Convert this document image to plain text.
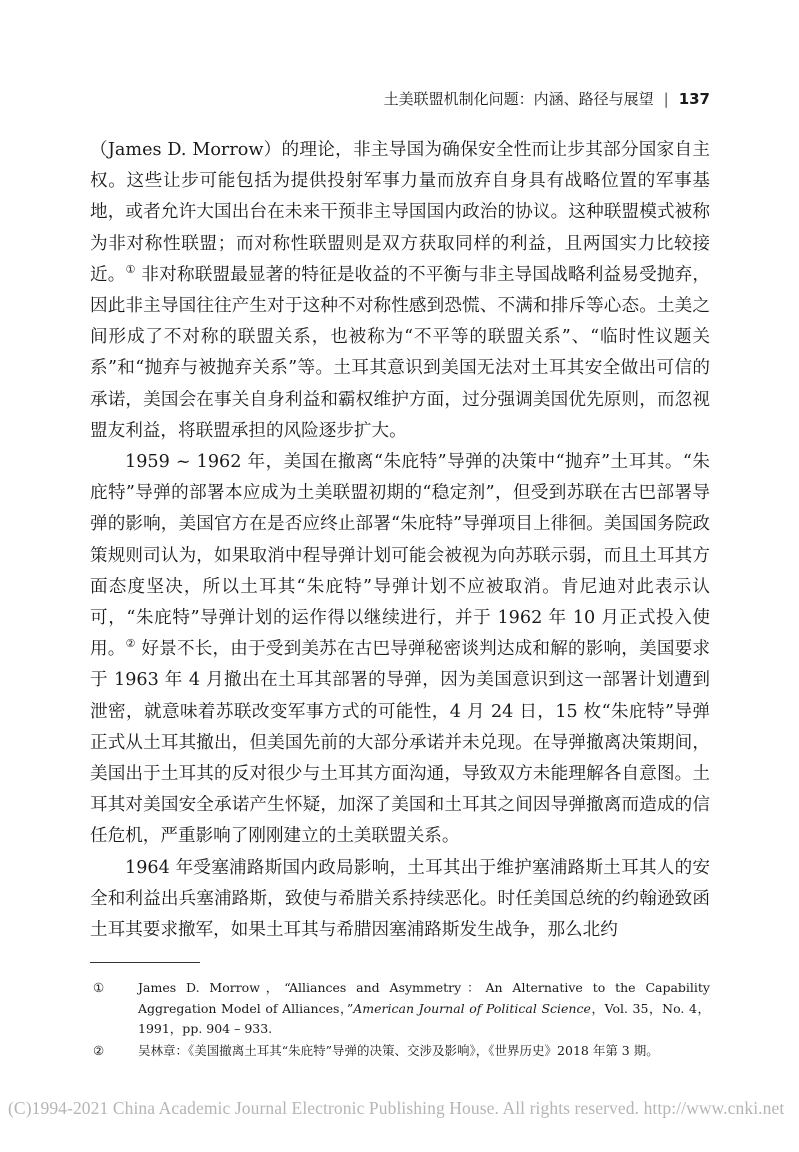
土美联盟机制化问题：内涵、路径与展望 | 137

（James D. Morrow）的理论，非主导国为确保安全性而让步其部分国家自主权。这些让步可能包括为提供投射军事力量而放弃自身具有战略位置的军事基地，或者允许大国出台在未来干预非主导国国内政治的协议。这种联盟模式被称为非对称性联盟；而对称性联盟则是双方获取同样的利益，且两国实力比较接近。① 非对称联盟最显著的特征是收益的不平衡与非主导国战略利益易受抛弃，因此非主导国往往产生对于这种不对称性感到恐慌、不满和排斥等心态。土美之间形成了不对称的联盟关系，也被称为“不平等的联盟关系”、“临时性议题关系”和“抛弃与被抛弃关系”等。土耳其意识到美国无法对土耳其安全做出可信的承诺，美国会在事关自身利益和霸权维护方面，过分强调美国优先原则，而忽视盟友利益，将联盟承担的风险逐步扩大。

1959 ~ 1962 年，美国在撤离“朱庇特”导弹的决策中“抛弃”土耳其。“朱庇特”导弹的部署本应成为土美联盟初期的“稳定剂”，但受到苏联在古巴部署导弹的影响，美国官方在是否应终止部署“朱庇特”导弹项目上徘徊。美国国务院政策规则司认为，如果取消中程导弹计划可能会被视为向苏联示弱，而且土耳其方面态度坚决，所以土耳其“朱庇特”导弹计划不应被取消。肯尼迪对此表示认可，“朱庇特”导弹计划的运作得以继续进行，并于 1962 年 10 月正式投入使用。② 好景不长，由于受到美苏在古巴导弹秘密谈判达成和解的影响，美国要求于 1963 年 4 月撤出在土耳其部署的导弹，因为美国意识到这一部署计划遭到泄密，就意味着苏联改变军事方式的可能性，4 月 24 日，15 枚“朱庇特”导弹正式从土耳其撤出，但美国先前的大部分承诺并未兑现。在导弹撤离决策期间，美国出于土耳其的反对很少与土耳其方面沟通，导致双方未能理解各自意图。土耳其对美国安全承诺产生怀疑，加深了美国和土耳其之间因导弹撤离而造成的信任危机，严重影响了刚刚建立的土美联盟关系。

1964 年受塞浦路斯国内政局影响，土耳其出于维护塞浦路斯土耳其人的安全和利益出兵塞浦路斯，致使与希腊关系持续恶化。时任美国总统的约翰逊致函土耳其要求撤军，如果土耳其与希腊因塞浦路斯发生战争，那么北约

①	James D. Morrow，“Alliances and Asymmetry：An Alternative to the Capability Aggregation Model of Alliances，”American Journal of Political Science，Vol. 35，No. 4，1991，pp. 904 – 933.
②	吴林章：《美国撤离土耳其“朱庇特”导弹的决策、交涉及影响》，《世界历史》2018 年第 3 期。
(C)1994-2021 China Academic Journal Electronic Publishing House. All rights reserved. http://www.cnki.net
